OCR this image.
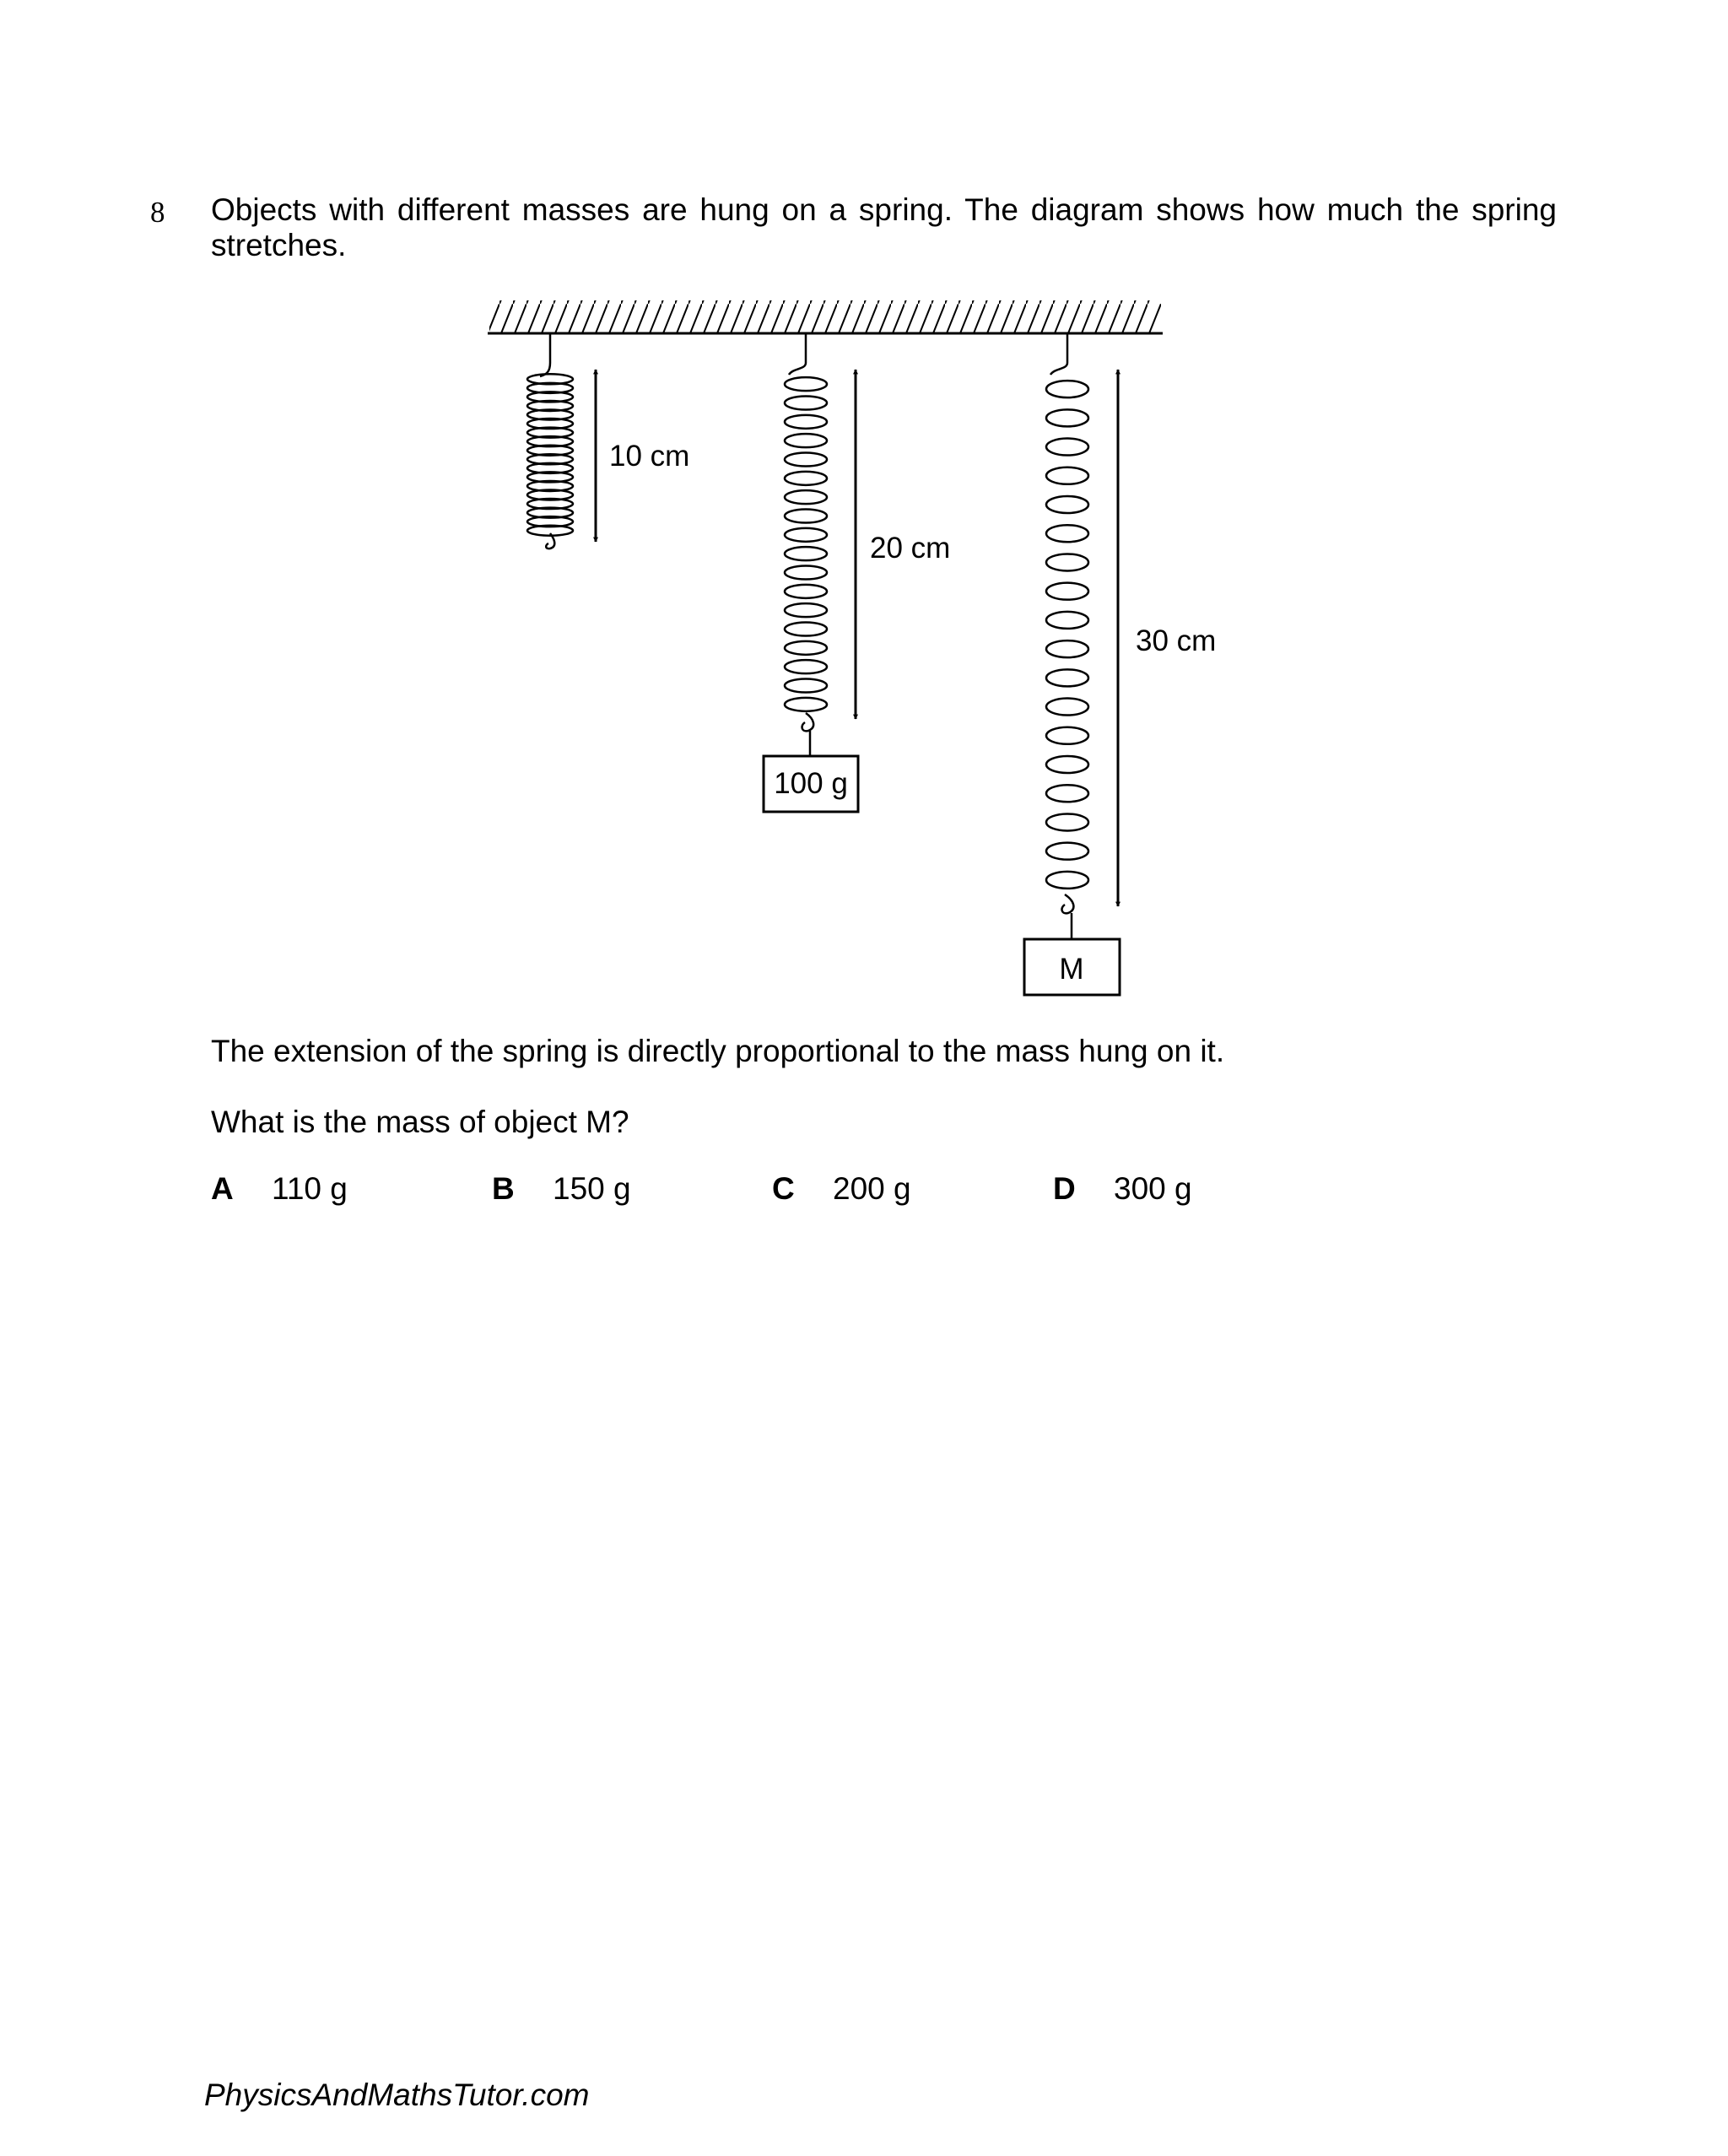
8 Objects with different masses are hung on a spring. The diagram shows how much the spring stretches.
100 g
M
10 cm
20 cm
30 cm
The extension of the spring is directly proportional to the mass hung on it.
What is the mass of object M?
A 110 g	B 150 g	C 200 g	D 300 g
PhysicsAndMathsTutor.com
